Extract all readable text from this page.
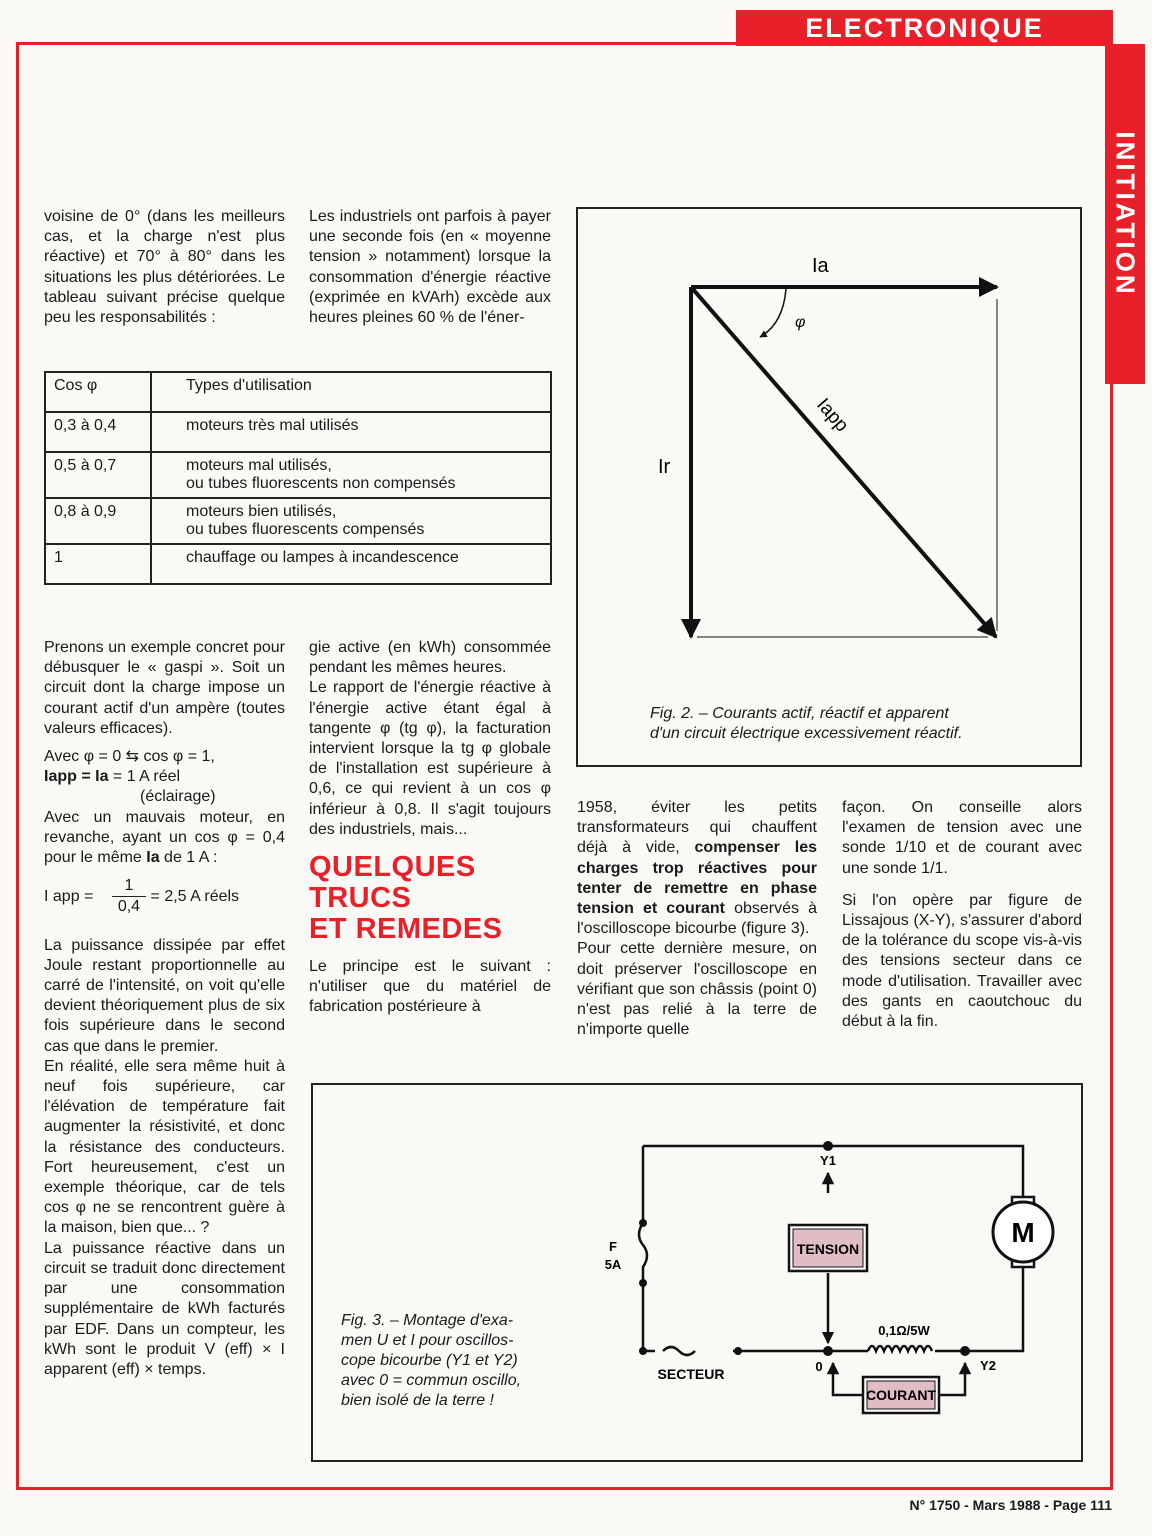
ELECTRONIQUE
INITIATION

voisine de 0° (dans les meilleurs cas, et la charge n'est plus réactive) et 70° à 80° dans les situations les plus détériorées. Le tableau suivant précise quelque peu les responsabilités :

Les industriels ont parfois à payer une seconde fois (en « moyenne tension » notamment) lorsque la consommation d'énergie réactive (exprimée en kVArh) excède aux heures pleines 60 % de l'éner-

Cos φ	Types d'utilisation
0,3 à 0,4	moteurs très mal utilisés

0,5 à 0,7	moteurs mal utilisés,
ou tubes fluorescents non compensés

0,8 à 0,9	moteurs bien utilisés,
ou tubes fluorescents compensés

1	chauffage ou lampes à incandescence

Prenons un exemple concret pour débusquer le « gaspi ». Soit un circuit dont la charge impose un courant actif d'un ampère (toutes valeurs efficaces).

Avec φ = 0 ⇆ cos φ = 1,

Iapp = Ia = 1 A réel

(éclairage)

Avec un mauvais moteur, en revanche, ayant un cos φ = 0,4 pour le même Ia de 1 A :

I app = $\frac{1}{0,4} = 2,5$ A réels

La puissance dissipée par effet Joule restant proportionnelle au carré de l'intensité, on voit qu'elle devient théoriquement plus de six fois supérieure dans le second cas que dans le premier.

En réalité, elle sera même huit à neuf fois supérieure, car l'élévation de température fait augmenter la résistivité, et donc la résistance des conducteurs. Fort heureusement, c'est un exemple théorique, car de tels cos φ ne se rencontrent guère à la maison, bien que... ?

La puissance réactive dans un circuit se traduit donc directement par une consommation supplémentaire de kWh facturés par EDF. Dans un compteur, les kWh sont le produit V (eff) × I apparent (eff) × temps.

gie active (en kWh) consommée pendant les mêmes heures.

Le rapport de l'énergie réactive à l'énergie active étant égal à tangente φ (tg φ), la facturation intervient lorsque la tg φ globale de l'installation est supérieure à 0,6, ce qui revient à un cos φ inférieur à 0,8. Il s'agit toujours des industriels, mais...

QUELQUES
TRUCS
ET REMEDES

Le principe est le suivant : n'utiliser que du matériel de fabrication postérieure à

1958, éviter les petits transformateurs qui chauffent déjà à vide, compenser les charges trop réactives pour tenter de remettre en phase tension et courant observés à l'oscilloscope bicourbe (figure 3).

Pour cette dernière mesure, on doit préserver l'oscilloscope en vérifiant que son châssis (point 0) n'est pas relié à la terre de n'importe quelle

façon. On conseille alors l'examen de tension avec une sonde 1/10 et de courant avec une sonde 1/1.

Si l'on opère par figure de Lissajous (X-Y), s'assurer d'abord de la tolérance du scope vis-à-vis des tensions secteur dans ce mode d'utilisation. Travailler avec des gants en caoutchouc du début à la fin.

Ia
φ
Iapp
Ir
Fig. 2. – Courants actif, réactif et apparent
d'un circuit électrique excessivement réactif.
Fig. 3. – Montage d'exa-
men U et I pour oscillos-
cope bicourbe (Y1 et Y2)
avec 0 = commun oscillo,
bien isolé de la terre !
TENSION
COURANT
M
Y1
Y2
0
0,1Ω/5W
F
5A
SECTEUR
N° 1750 - Mars 1988 - Page 111
